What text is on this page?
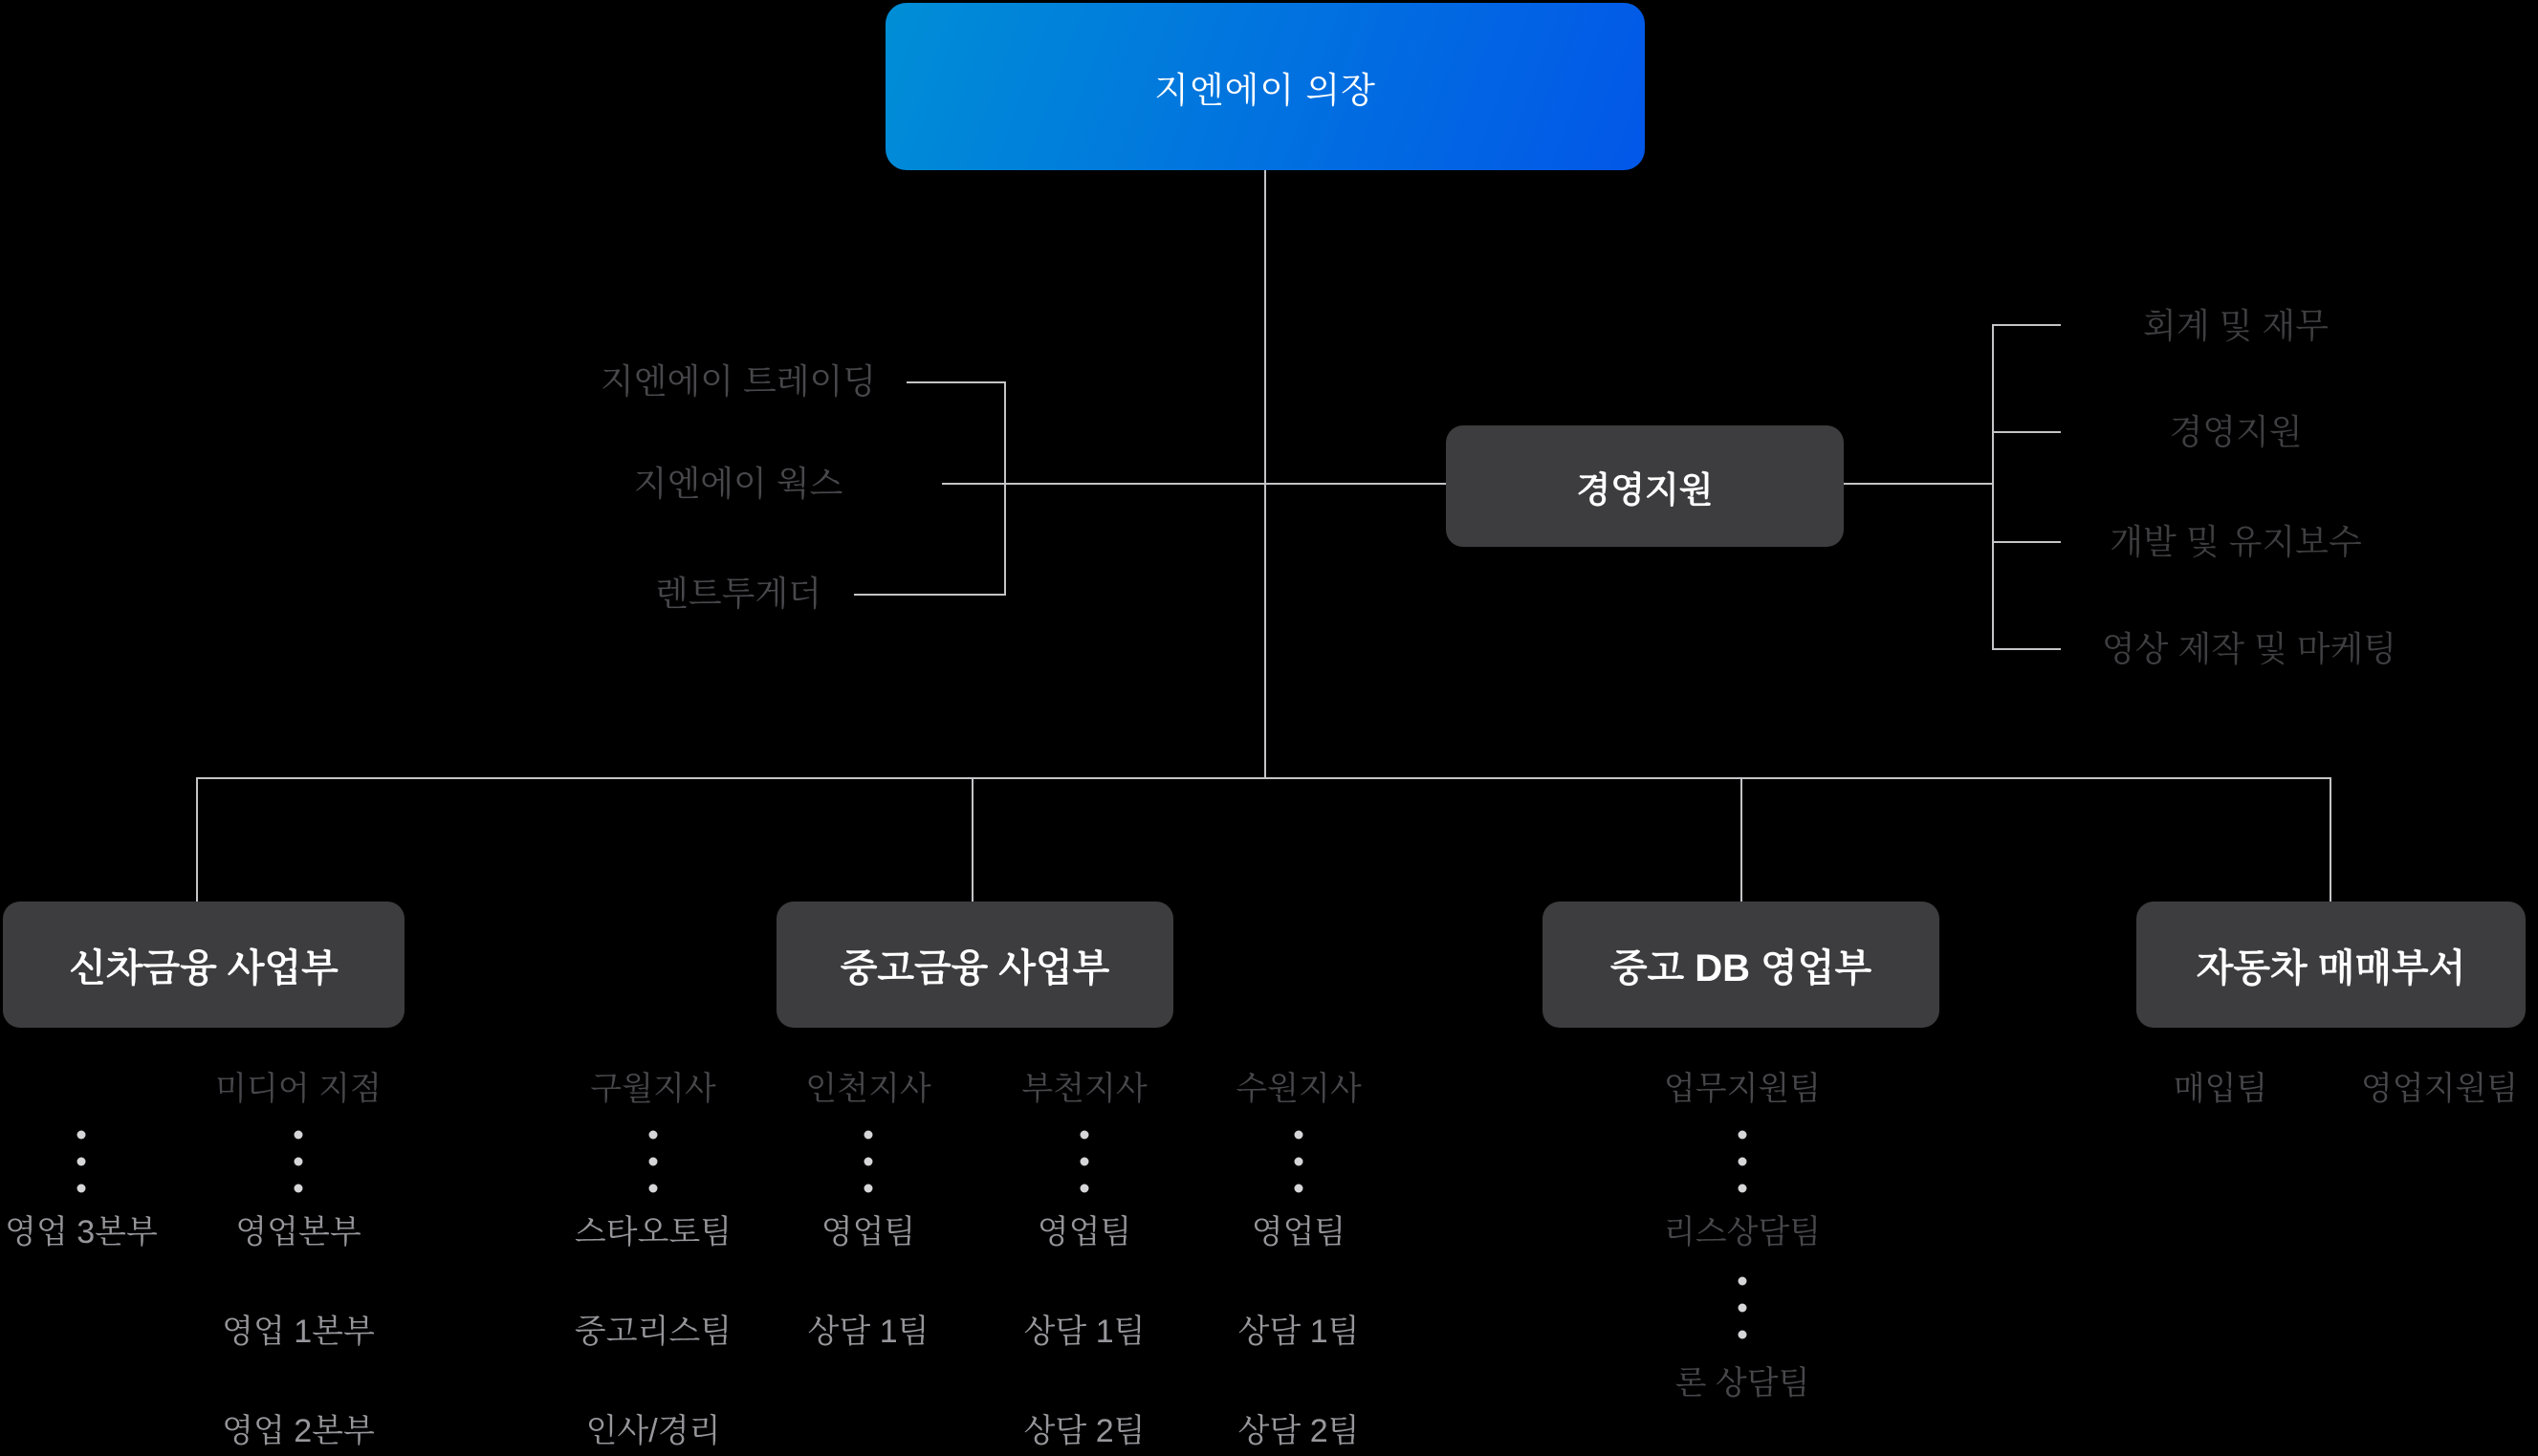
지엔에이 의장
지엔에이 트레이딩
지엔에이 웍스
렌트투게더
경영지원
회계 및 재무
경영지원
개발 및 유지보수
영상 제작 및 마케팅
신차금융 사업부	중고금융 사업부	중고 DB 영업부	자동차 매매부서
영업 3본부
미디어 지점
영업본부
영업 1본부
영업 2본부
구월지사
스타오토팀
중고리스팀
인사/경리
인천지사
영업팀
상담 1팀
부천지사
영업팀
상담 1팀
상담 2팀
수원지사
영업팀
상담 1팀
상담 2팀
업무지원팀
리스상담팀
론 상담팀
매입팀	영업지원팀
